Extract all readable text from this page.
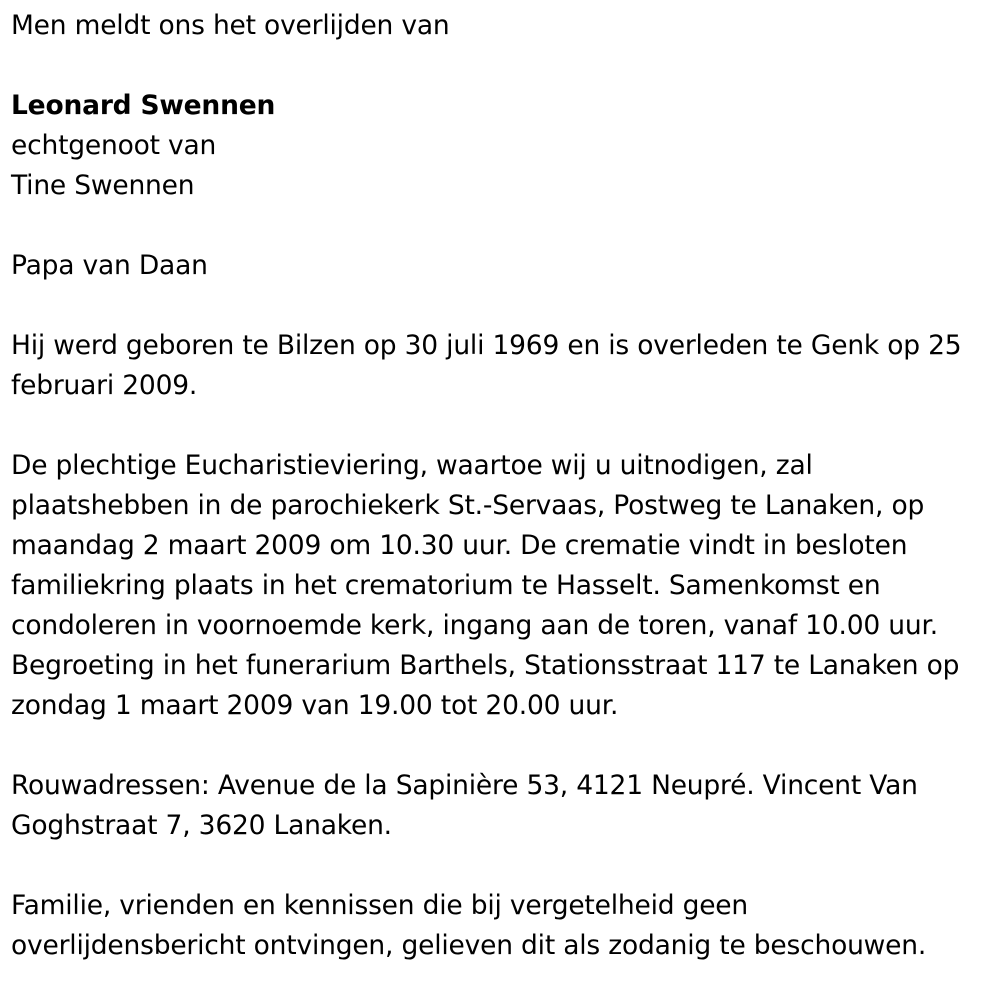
Men meldt ons het overlijden van

Leonard Swennen

echtgenoot van

Tine Swennen

Papa van Daan

Hij werd geboren te Bilzen op 30 juli 1969 en is overleden te Genk op 25 februari 2009.

De plechtige Eucharistieviering, waartoe wij u uitnodigen, zal plaatshebben in de parochiekerk St.-Servaas, Postweg te Lanaken, op maandag 2 maart 2009 om 10.30 uur. De crematie vindt in besloten familiekring plaats in het crematorium te Hasselt. Samenkomst en condoleren in voornoemde kerk, ingang aan de toren, vanaf 10.00 uur. Begroeting in het funerarium Barthels, Stationsstraat 117 te Lanaken op zondag 1 maart 2009 van 19.00 tot 20.00 uur.

Rouwadressen: Avenue de la Sapinière 53, 4121 Neupré. Vincent Van Goghstraat 7, 3620 Lanaken.

Familie, vrienden en kennissen die bij vergetelheid geen overlijdensbericht ontvingen, gelieven dit als zodanig te beschouwen.
